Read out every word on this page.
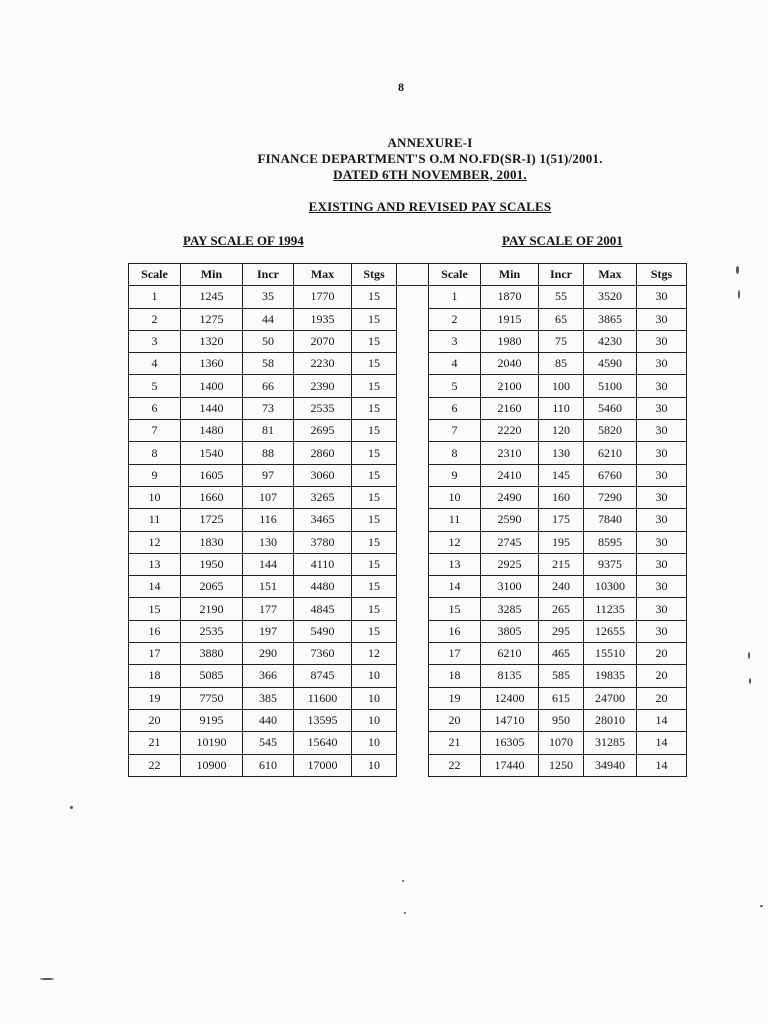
8
ANNEXURE-I
FINANCE DEPARTMENT'S O.M NO.FD(SR-I) 1(51)/2001.
DATED 6TH NOVEMBER, 2001.
EXISTING AND REVISED PAY SCALES
PAY SCALE OF 1994	PAY SCALE OF 2001
Scale	Min	Incr	Max	Stgs		Scale	Min	Incr	Max	Stgs
1	1245	35	1770	15		1	1870	55	3520	30
2	1275	44	1935	15		2	1915	65	3865	30
3	1320	50	2070	15		3	1980	75	4230	30
4	1360	58	2230	15		4	2040	85	4590	30
5	1400	66	2390	15		5	2100	100	5100	30
6	1440	73	2535	15		6	2160	110	5460	30
7	1480	81	2695	15		7	2220	120	5820	30
8	1540	88	2860	15		8	2310	130	6210	30
9	1605	97	3060	15		9	2410	145	6760	30
10	1660	107	3265	15		10	2490	160	7290	30
11	1725	116	3465	15		11	2590	175	7840	30
12	1830	130	3780	15		12	2745	195	8595	30
13	1950	144	4110	15		13	2925	215	9375	30
14	2065	151	4480	15		14	3100	240	10300	30
15	2190	177	4845	15		15	3285	265	11235	30
16	2535	197	5490	15		16	3805	295	12655	30
17	3880	290	7360	12		17	6210	465	15510	20
18	5085	366	8745	10		18	8135	585	19835	20
19	7750	385	11600	10		19	12400	615	24700	20
20	9195	440	13595	10		20	14710	950	28010	14
21	10190	545	15640	10		21	16305	1070	31285	14
22	10900	610	17000	10		22	17440	1250	34940	14
